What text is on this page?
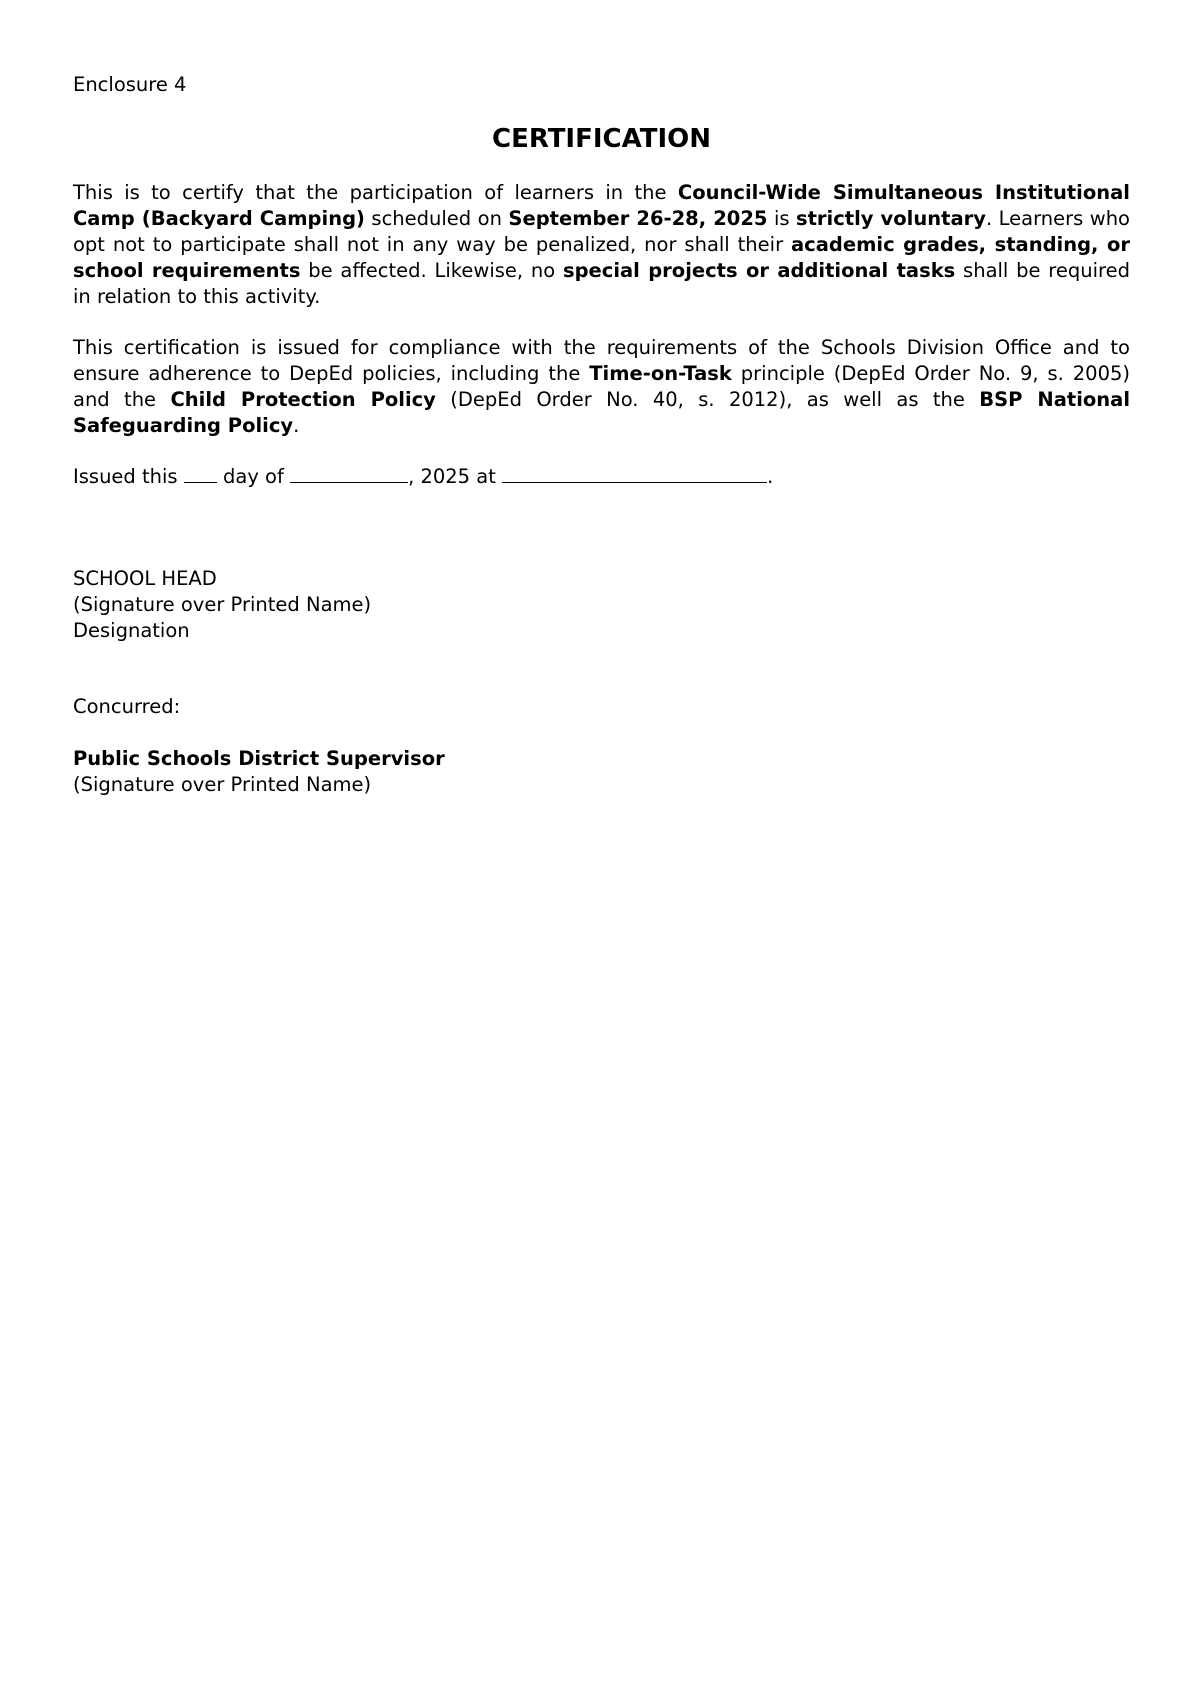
Enclosure 4
CERTIFICATION

This is to certify that the participation of learners in the Council-Wide Simultaneous Institutional Camp (Backyard Camping) scheduled on September 26-28, 2025 is strictly voluntary. Learners who opt not to participate shall not in any way be penalized, nor shall their academic grades, standing, or school requirements be affected. Likewise, no special projects or additional tasks shall be required in relation to this activity.

This certification is issued for compliance with the requirements of the Schools Division Office and to ensure adherence to DepEd policies, including the Time-on-Task principle (DepEd Order No. 9, s. 2005) and the Child Protection Policy (DepEd Order No. 40, s. 2012), as well as the BSP National Safeguarding Policy.

Issued this  day of	, 2025 at	.
SCHOOL HEAD
(Signature over Printed Name)
Designation
Concurred:
Public Schools District Supervisor
(Signature over Printed Name)
